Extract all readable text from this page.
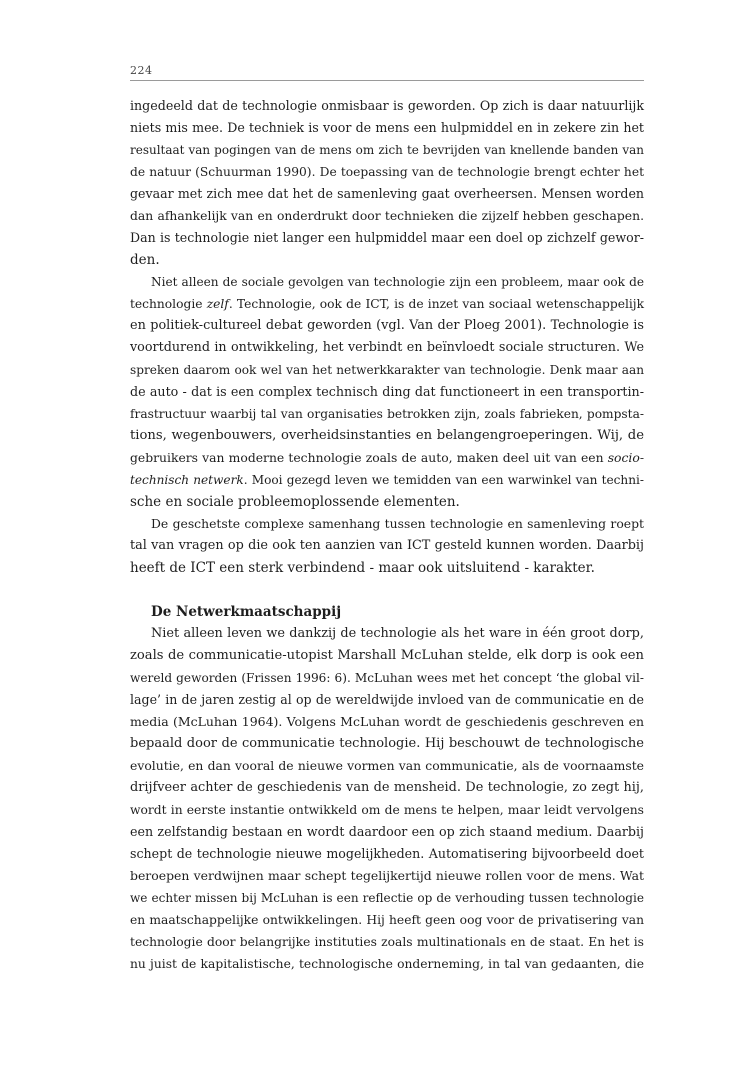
224
ingedeeld dat de technologie onmisbaar is geworden. Op zich is daar natuurlijk
niets mis mee. De techniek is voor de mens een hulpmiddel en in zekere zin het
resultaat van pogingen van de mens om zich te bevrijden van knellende banden van
de natuur (Schuurman 1990). De toepassing van de technologie brengt echter het
gevaar met zich mee dat het de samenleving gaat overheersen. Mensen worden
dan afhankelijk van en onderdrukt door technieken die zijzelf hebben geschapen.
Dan is technologie niet langer een hulpmiddel maar een doel op zichzelf gewor-
den.
Niet alleen de sociale gevolgen van technologie zijn een probleem, maar ook de
technologie zelf. Technologie, ook de ICT, is de inzet van sociaal wetenschappelijk
en politiek-cultureel debat geworden (vgl. Van der Ploeg 2001). Technologie is
voortdurend in ontwikkeling, het verbindt en beïnvloedt sociale structuren. We
spreken daarom ook wel van het netwerkkarakter van technologie. Denk maar aan
de auto - dat is een complex technisch ding dat functioneert in een transportin-
frastructuur waarbij tal van organisaties betrokken zijn, zoals fabrieken, pompsta-
tions, wegenbouwers, overheidsinstanties en belangengroeperingen. Wij, de
gebruikers van moderne technologie zoals de auto, maken deel uit van een socio-
technisch netwerk. Mooi gezegd leven we temidden van een warwinkel van techni-
sche en sociale probleemoplossende elementen.
De geschetste complexe samenhang tussen technologie en samenleving roept
tal van vragen op die ook ten aanzien van ICT gesteld kunnen worden. Daarbij
heeft de ICT een sterk verbindend - maar ook uitsluitend - karakter.
De Netwerkmaatschappij
Niet alleen leven we dankzij de technologie als het ware in één groot dorp,
zoals de communicatie-utopist Marshall McLuhan stelde, elk dorp is ook een
wereld geworden (Frissen 1996: 6). McLuhan wees met het concept ‘the global vil-
lage’ in de jaren zestig al op de wereldwijde invloed van de communicatie en de
media (McLuhan 1964). Volgens McLuhan wordt de geschiedenis geschreven en
bepaald door de communicatie technologie. Hij beschouwt de technologische
evolutie, en dan vooral de nieuwe vormen van communicatie, als de voornaamste
drijfveer achter de geschiedenis van de mensheid. De technologie, zo zegt hij,
wordt in eerste instantie ontwikkeld om de mens te helpen, maar leidt vervolgens
een zelfstandig bestaan en wordt daardoor een op zich staand medium. Daarbij
schept de technologie nieuwe mogelijkheden. Automatisering bijvoorbeeld doet
beroepen verdwijnen maar schept tegelijkertijd nieuwe rollen voor de mens. Wat
we echter missen bij McLuhan is een reflectie op de verhouding tussen technologie
en maatschappelijke ontwikkelingen. Hij heeft geen oog voor de privatisering van
technologie door belangrijke instituties zoals multinationals en de staat. En het is
nu juist de kapitalistische, technologische onderneming, in tal van gedaanten, die
